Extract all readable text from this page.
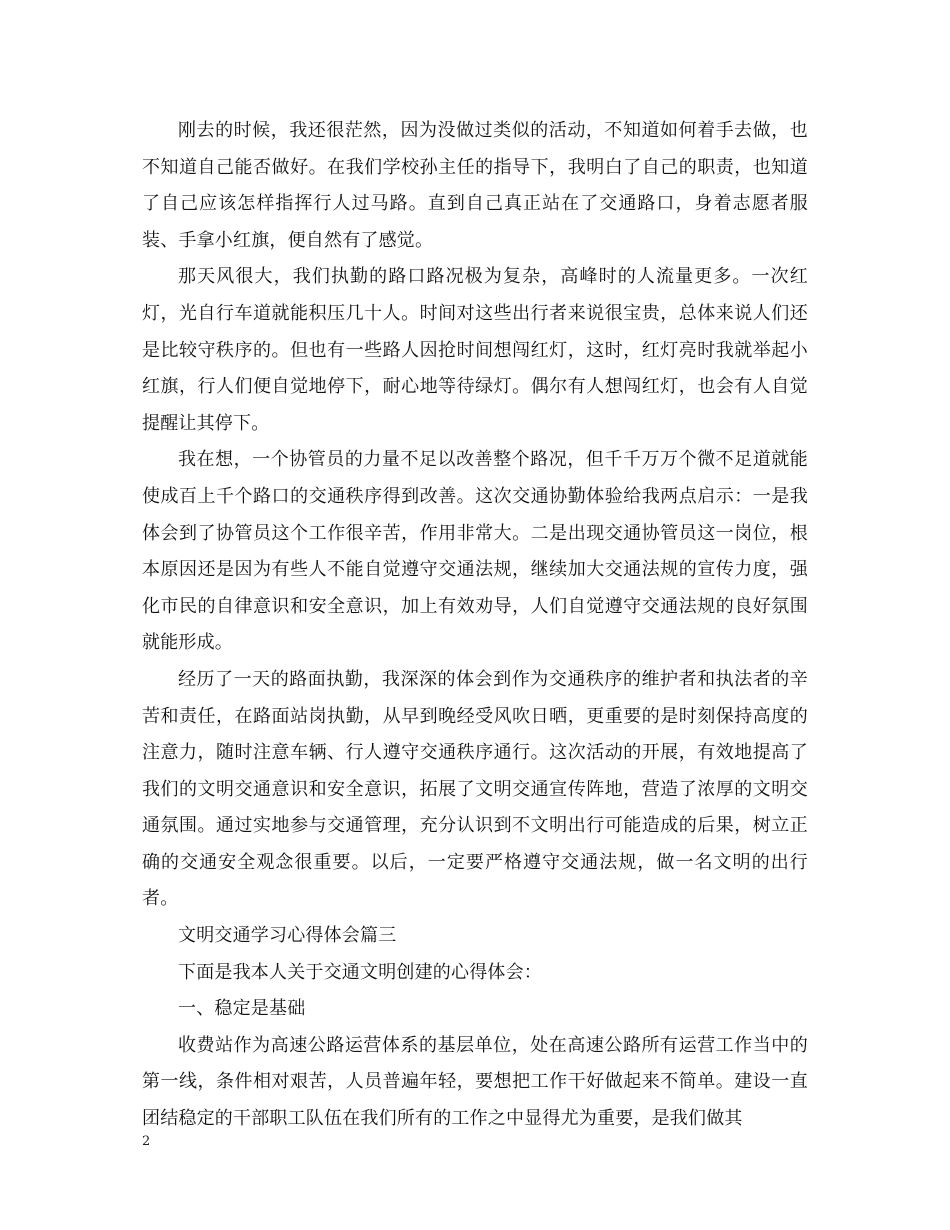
刚去的时候，我还很茫然，因为没做过类似的活动，不知道如何着手去做，也不知道自己能否做好。在我们学校孙主任的指导下，我明白了自己的职责，也知道了自己应该怎样指挥行人过马路。直到自己真正站在了交通路口，身着志愿者服装、手拿小红旗，便自然有了感觉。

那天风很大，我们执勤的路口路况极为复杂，高峰时的人流量更多。一次红灯，光自行车道就能积压几十人。时间对这些出行者来说很宝贵，总体来说人们还是比较守秩序的。但也有一些路人因抢时间想闯红灯，这时，红灯亮时我就举起小红旗，行人们便自觉地停下，耐心地等待绿灯。偶尔有人想闯红灯，也会有人自觉提醒让其停下。

我在想，一个协管员的力量不足以改善整个路况，但千千万万个微不足道就能使成百上千个路口的交通秩序得到改善。这次交通协勤体验给我两点启示：一是我体会到了协管员这个工作很辛苦，作用非常大。二是出现交通协管员这一岗位，根本原因还是因为有些人不能自觉遵守交通法规，继续加大交通法规的宣传力度，强化市民的自律意识和安全意识，加上有效劝导，人们自觉遵守交通法规的良好氛围就能形成。

经历了一天的路面执勤，我深深的体会到作为交通秩序的维护者和执法者的辛苦和责任，在路面站岗执勤，从早到晚经受风吹日晒，更重要的是时刻保持高度的注意力，随时注意车辆、行人遵守交通秩序通行。这次活动的开展，有效地提高了我们的文明交通意识和安全意识，拓展了文明交通宣传阵地，营造了浓厚的文明交通氛围。通过实地参与交通管理，充分认识到不文明出行可能造成的后果，树立正确的交通安全观念很重要。以后，一定要严格遵守交通法规，做一名文明的出行者。

文明交通学习心得体会篇三

下面是我本人关于交通文明创建的心得体会：

一、稳定是基础

收费站作为高速公路运营体系的基层单位，处在高速公路所有运营工作当中的第一线，条件相对艰苦，人员普遍年轻，要想把工作干好做起来不简单。建设一直团结稳定的干部职工队伍在我们所有的工作之中显得尤为重要，是我们做其

2
